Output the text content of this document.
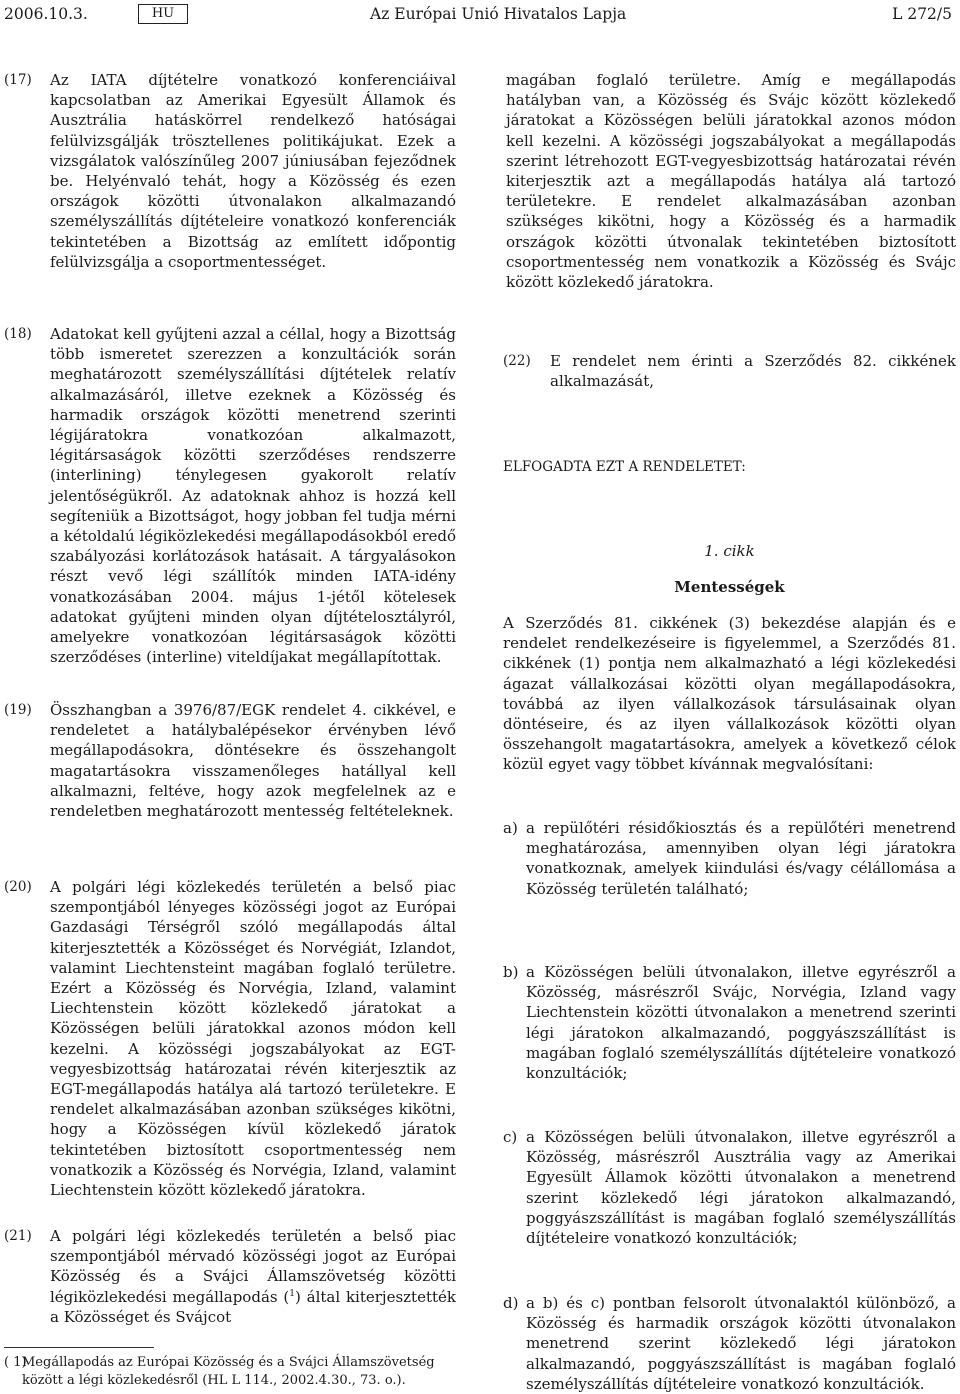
2006.10.3.	HU	Az Európai Unió Hivatalos Lapja	L 272/5
(17) Az IATA díjtételre vonatkozó konferenciáival kapcsolatban az Amerikai Egyesült Államok és Ausztrália hatáskörrel rendelkező hatóságai felülvizsgálják trösztellenes politikájukat. Ezek a vizsgálatok valószínűleg 2007 júniusában fejeződnek be. Helyénvaló tehát, hogy a Közösség és ezen országok közötti útvonalakon alkalmazandó személyszállítás díjtételeire vonatkozó konferenciák tekintetében a Bizottság az említett időpontig felülvizsgálja a csoportmentességet.

(18) Adatokat kell gyűjteni azzal a céllal, hogy a Bizottság több ismeretet szerezzen a konzultációk során meghatározott személyszállítási díjtételek relatív alkalmazásáról, illetve ezeknek a Közösség és harmadik országok közötti menetrend szerinti légijáratokra vonatkozóan alkalmazott, légitársaságok közötti szerződéses rendszerre (interlining) ténylegesen gyakorolt relatív jelentőségükről. Az adatoknak ahhoz is hozzá kell segíteniük a Bizottságot, hogy jobban fel tudja mérni a kétoldalú légiközlekedési megállapodásokból eredő szabályozási korlátozások hatásait. A tárgyalásokon részt vevő légi szállítók minden IATA-idény vonatkozásában 2004. május 1-jétől kötelesek adatokat gyűjteni minden olyan díjtételosztályról, amelyekre vonatkozóan légitársaságok közötti szerződéses (interline) viteldíjakat megállapítottak.

(19) Összhangban a 3976/87/EGK rendelet 4. cikkével, e rendeletet a hatálybalépésekor érvényben lévő megállapodásokra, döntésekre és összehangolt magatartásokra visszamenőleges hatállyal kell alkalmazni, feltéve, hogy azok megfelelnek az e rendeletben meghatározott mentesség feltételeknek.

(20) A polgári légi közlekedés területén a belső piac szempontjából lényeges közösségi jogot az Európai Gazdasági Térségről szóló megállapodás által kiterjesztették a Közösséget és Norvégiát, Izlandot, valamint Liechtensteint magában foglaló területre. Ezért a Közösség és Norvégia, Izland, valamint Liechtenstein között közlekedő járatokat a Közösségen belüli járatokkal azonos módon kell kezelni. A közösségi jogszabályokat az EGT-vegyesbizottság határozatai révén kiterjesztik az EGT-megállapodás hatálya alá tartozó területekre. E rendelet alkalmazásában azonban szükséges kikötni, hogy a Közösségen kívül közlekedő járatok tekintetében biztosított csoportmentesség nem vonatkozik a Közösség és Norvégia, Izland, valamint Liechtenstein között közlekedő járatokra.

(21) A polgári légi közlekedés területén a belső piac szempontjából mérvadó közösségi jogot az Európai Közösség és a Svájci Államszövetség közötti légiközlekedési megállapodás ($^1$) által kiterjesztették a Közösséget és Svájcot

magában foglaló területre. Amíg e megállapodás hatályban van, a Közösség és Svájc között közlekedő járatokat a Közösségen belüli járatokkal azonos módon kell kezelni. A közösségi jogszabályokat a megállapodás szerint létrehozott EGT-vegyesbizottság határozatai révén kiterjesztik azt a megállapodás hatálya alá tartozó területekre. E rendelet alkalmazásában azonban szükséges kikötni, hogy a Közösség és a harmadik országok közötti útvonalak tekintetében biztosított csoportmentesség nem vonatkozik a Közösség és Svájc között közlekedő járatokra.

(22) E rendelet nem érinti a Szerződés 82. cikkének alkalmazását,

ELFOGADTA EZT A RENDELETET:
1. cikk
Mentességek

A Szerződés 81. cikkének (3) bekezdése alapján és e rendelet rendelkezéseire is figyelemmel, a Szerződés 81. cikkének (1) pontja nem alkalmazható a légi közlekedési ágazat vállalkozásai közötti olyan megállapodásokra, továbbá az ilyen vállalkozások társulásainak olyan döntéseire, és az ilyen vállalkozások közötti olyan összehangolt magatartásokra, amelyek a következő célok közül egyet vagy többet kívánnak megvalósítani:

a) a repülőtéri résidőkiosztás és a repülőtéri menetrend meghatározása, amennyiben olyan légi járatokra vonatkoznak, amelyek kiindulási és/vagy célállomása a Közösség területén található;
b) a Közösségen belüli útvonalakon, illetve egyrészről a Közösség, másrészről Svájc, Norvégia, Izland vagy Liechtenstein közötti útvonalakon a menetrend szerinti légi járatokon alkalmazandó, poggyászszállítást is magában foglaló személyszállítás díjtételeire vonatkozó konzultációk;
c) a Közösségen belüli útvonalakon, illetve egyrészről a Közösség, másrészről Ausztrália vagy az Amerikai Egyesült Államok közötti útvonalakon a menetrend szerint közlekedő légi járatokon alkalmazandó, poggyászszállítást is magában foglaló személyszállítás díjtételeire vonatkozó konzultációk;
d) a b) és c) pontban felsorolt útvonalaktól különböző, a Közösség és harmadik országok közötti útvonalakon menetrend szerint közlekedő légi járatokon alkalmazandó, poggyászszállítást is magában foglaló személyszállítás díjtételeire vonatkozó konzultációk.
( 1)
Megállapodás az Európai Közösség és a Svájci Államszövetség között a légi közlekedésről (HL L 114., 2002.4.30., 73. o.).
